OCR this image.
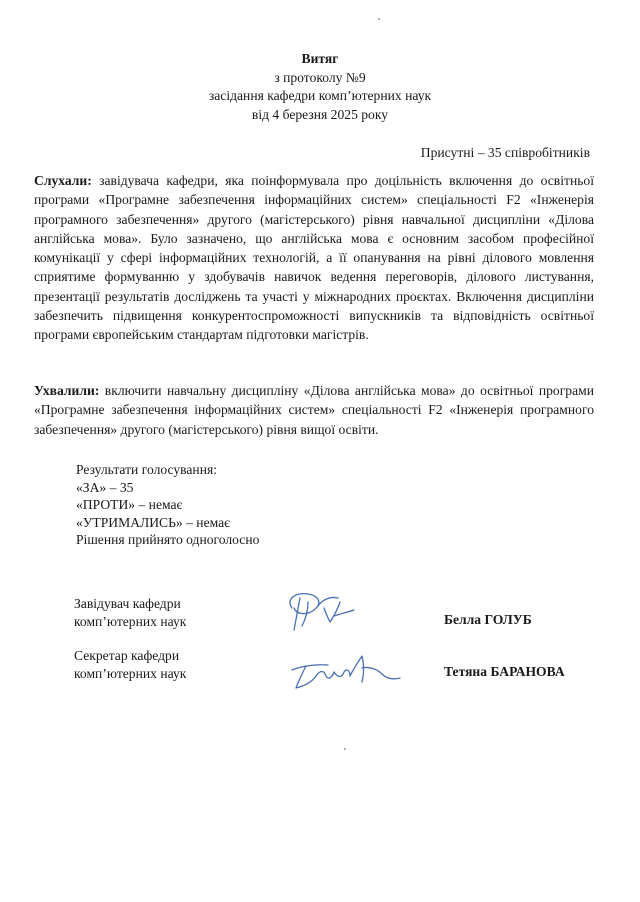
Витяг
з протоколу №9
засідання кафедри комп’ютерних наук
від 4 березня 2025 року
Присутні – 35 співробітників
Слухали: завідувача кафедри, яка поінформувала про доцільність включення до освітньої програми «Програмне забезпечення інформаційних систем» спеціальності F2 «Інженерія програмного забезпечення» другого (магістерського) рівня навчальної дисципліни «Ділова англійська мова». Було зазначено, що англійська мова є основним засобом професійної комунікації у сфері інформаційних технологій, а її опанування на рівні ділового мовлення сприятиме формуванню у здобувачів навичок ведення переговорів, ділового листування, презентації результатів досліджень та участі у міжнародних проєктах. Включення дисципліни забезпечить підвищення конкурентоспроможності випускників та відповідність освітньої програми європейським стандартам підготовки магістрів.
Ухвалили: включити навчальну дисципліну «Ділова англійська мова» до освітньої програми «Програмне забезпечення інформаційних систем» спеціальності F2 «Інженерія програмного забезпечення» другого (магістерського) рівня вищої освіти.
Результати голосування:
«ЗА» – 35
«ПРОТИ» – немає
«УТРИМАЛИСЬ» – немає
Рішення прийнято одноголосно
Завідувач кафедри
комп’ютерних наук	Белла ГОЛУБ
Секретар кафедри
комп’ютерних наук	Тетяна БАРАНОВА
